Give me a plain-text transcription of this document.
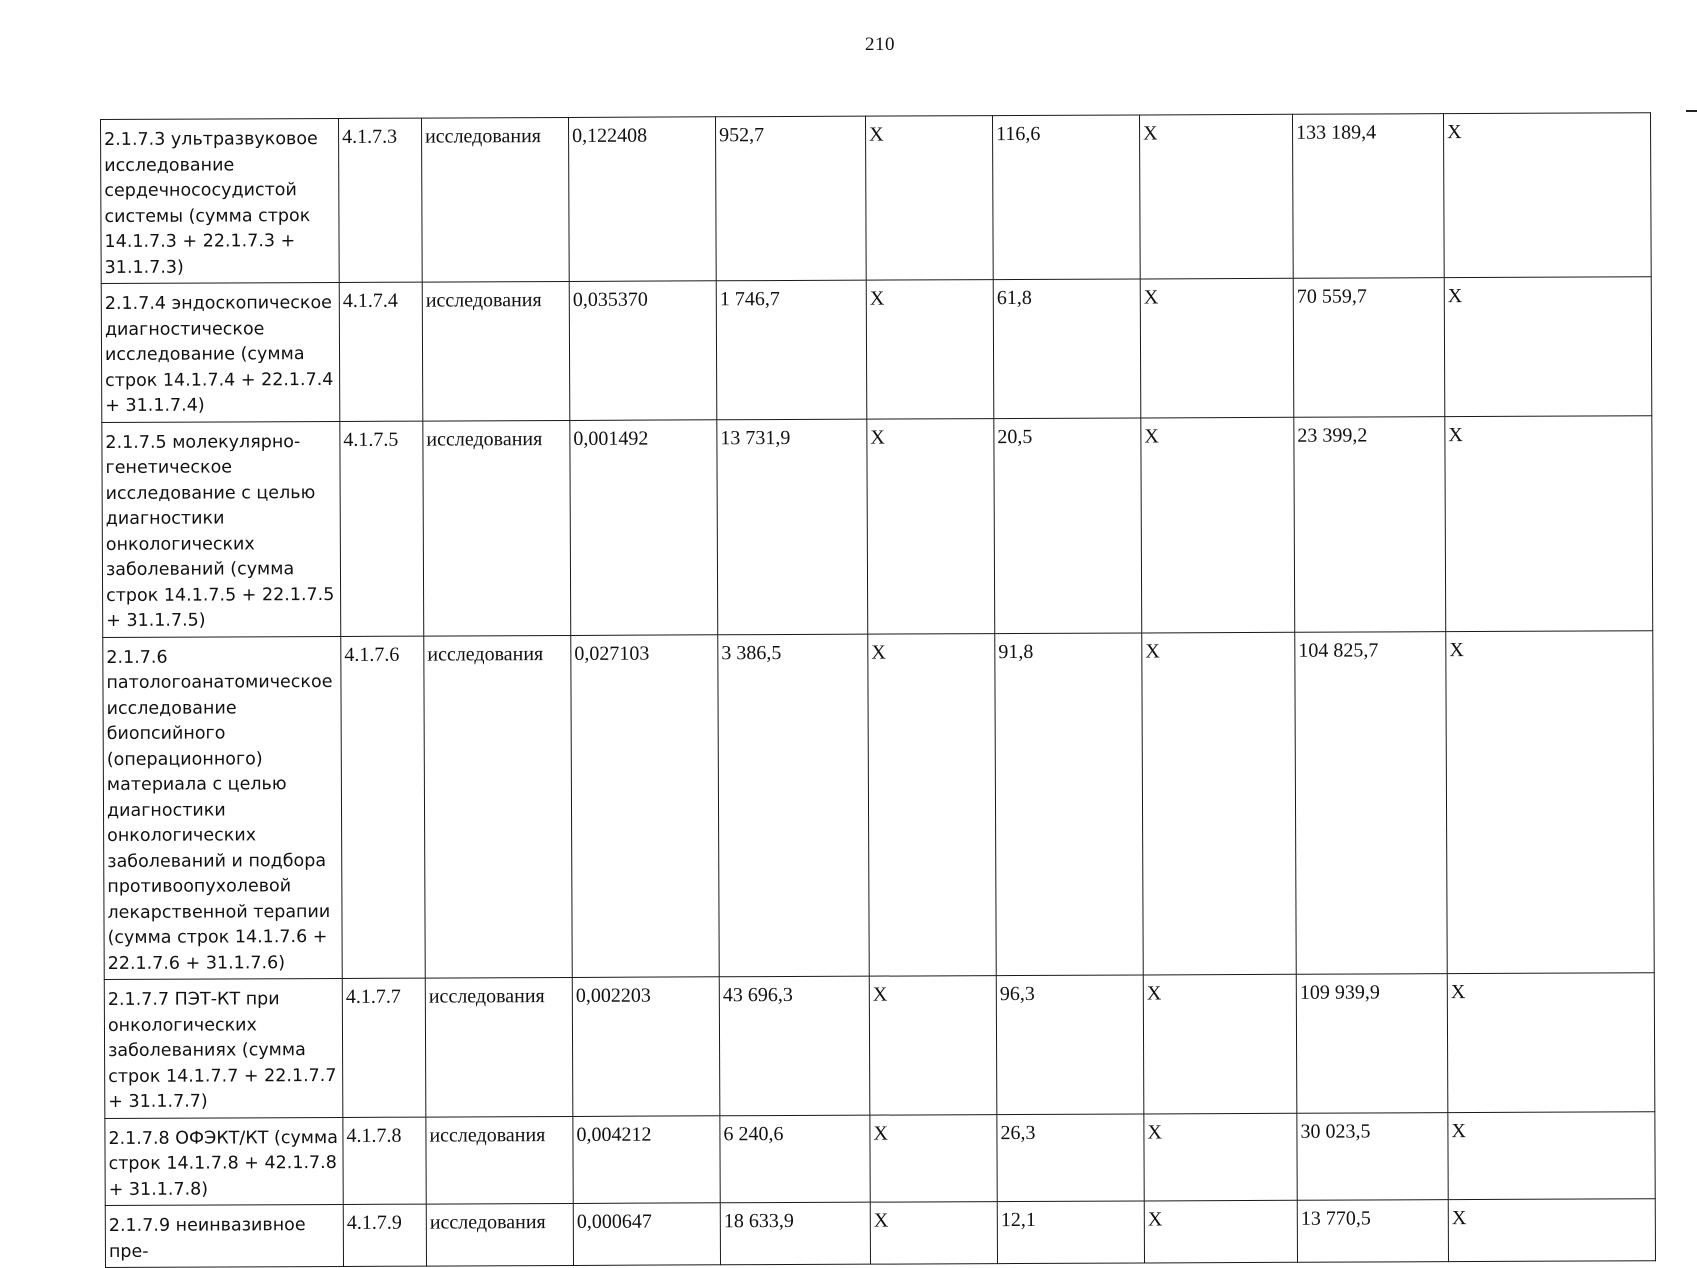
210
2.1.7.3 ультразвуковое исследование сердечнососудистой системы (сумма строк 14.1.7.3 + 22.1.7.3 + 31.1.7.3)	4.1.7.3	исследования	0,122408	952,7	X	116,6	X	133 189,4	X
2.1.7.4 эндоскопическое диагностическое исследование (сумма строк 14.1.7.4 + 22.1.7.4 + 31.1.7.4)	4.1.7.4	исследования	0,035370	1 746,7	X	61,8	X	70 559,7	X
2.1.7.5 молекулярно-генетическое исследование с целью диагностики онкологических заболеваний (сумма строк 14.1.7.5 + 22.1.7.5 + 31.1.7.5)	4.1.7.5	исследования	0,001492	13 731,9	X	20,5	X	23 399,2	X
2.1.7.6 патологоанатомическое исследование биопсийного (операционного) материала с целью диагностики онкологических заболеваний и подбора противоопухолевой лекарственной терапии (сумма строк 14.1.7.6 + 22.1.7.6 + 31.1.7.6)	4.1.7.6	исследования	0,027103	3 386,5	X	91,8	X	104 825,7	X
2.1.7.7 ПЭТ-КТ при онкологических заболеваниях (сумма строк 14.1.7.7 + 22.1.7.7 + 31.1.7.7)	4.1.7.7	исследования	0,002203	43 696,3	X	96,3	X	109 939,9	X
2.1.7.8 ОФЭКТ/КТ (сумма строк 14.1.7.8 + 42.1.7.8 + 31.1.7.8)	4.1.7.8	исследования	0,004212	6 240,6	X	26,3	X	30 023,5	X
2.1.7.9 неинвазивное пре-	4.1.7.9	исследования	0,000647	18 633,9	X	12,1	X	13 770,5	X
